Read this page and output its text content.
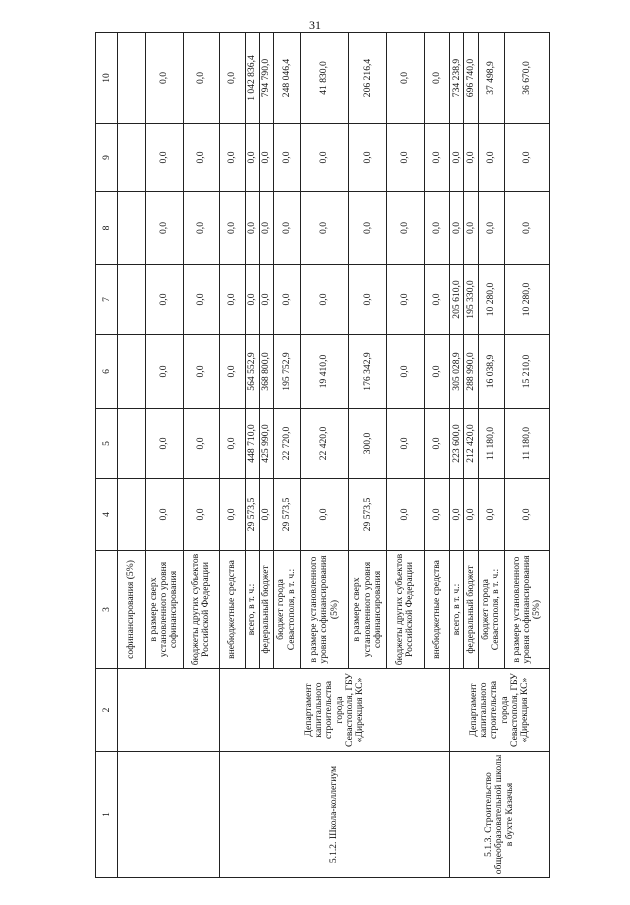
31
1	2	3	4	5	6	7	8	9	10
		софинансирования (5%)							
		в размере сверх установленного уровня софинансирования	0,0	0,0	0,0	0,0	0,0	0,0	0,0
		бюджеты других субъектов Российской Федерации	0,0	0,0	0,0	0,0	0,0	0,0	0,0
5.1.2. Школа-коллегиум	Департамент капитального строительства города Севастополя, ГБУ «Дирекция КС»	внебюджетные средства	0,0	0,0	0,0	0,0	0,0	0,0	0,0
		всего, в т. ч.:	29 573,5	448 710,0	564 552,9	0,0	0,0	0,0	1 042 836,4
		федеральный бюджет	0,0	425 990,0	368 800,0	0,0	0,0	0,0	794 790,0
		бюджет города Севастополя, в т. ч.:	29 573,5	22 720,0	195 752,9	0,0	0,0	0,0	248 046,4
		в размере установленного уровня софинансирования (5%)	0,0	22 420,0	19 410,0	0,0	0,0	0,0	41 830,0
		в размере сверх установленного уровня софинансирования	29 573,5	300,0	176 342,9	0,0	0,0	0,0	206 216,4
		бюджеты других субъектов Российской Федерации	0,0	0,0	0,0	0,0	0,0	0,0	0,0
		внебюджетные средства	0,0	0,0	0,0	0,0	0,0	0,0	0,0
5.1.3. Строительство общеобразовательной школы в бухте Казачья	Департамент капитального строительства города Севастополя, ГБУ «Дирекция КС»	всего, в т. ч.:	0,0	223 600,0	305 028,9	205 610,0	0,0	0,0	734 238,9
		федеральный бюджет	0,0	212 420,0	288 990,0	195 330,0	0,0	0,0	696 740,0
		бюджет города Севастополя, в т. ч.:	0,0	11 180,0	16 038,9	10 280,0	0,0	0,0	37 498,9
		в размере установленного уровня софинансирования (5%)	0,0	11 180,0	15 210,0	10 280,0	0,0	0,0	36 670,0
